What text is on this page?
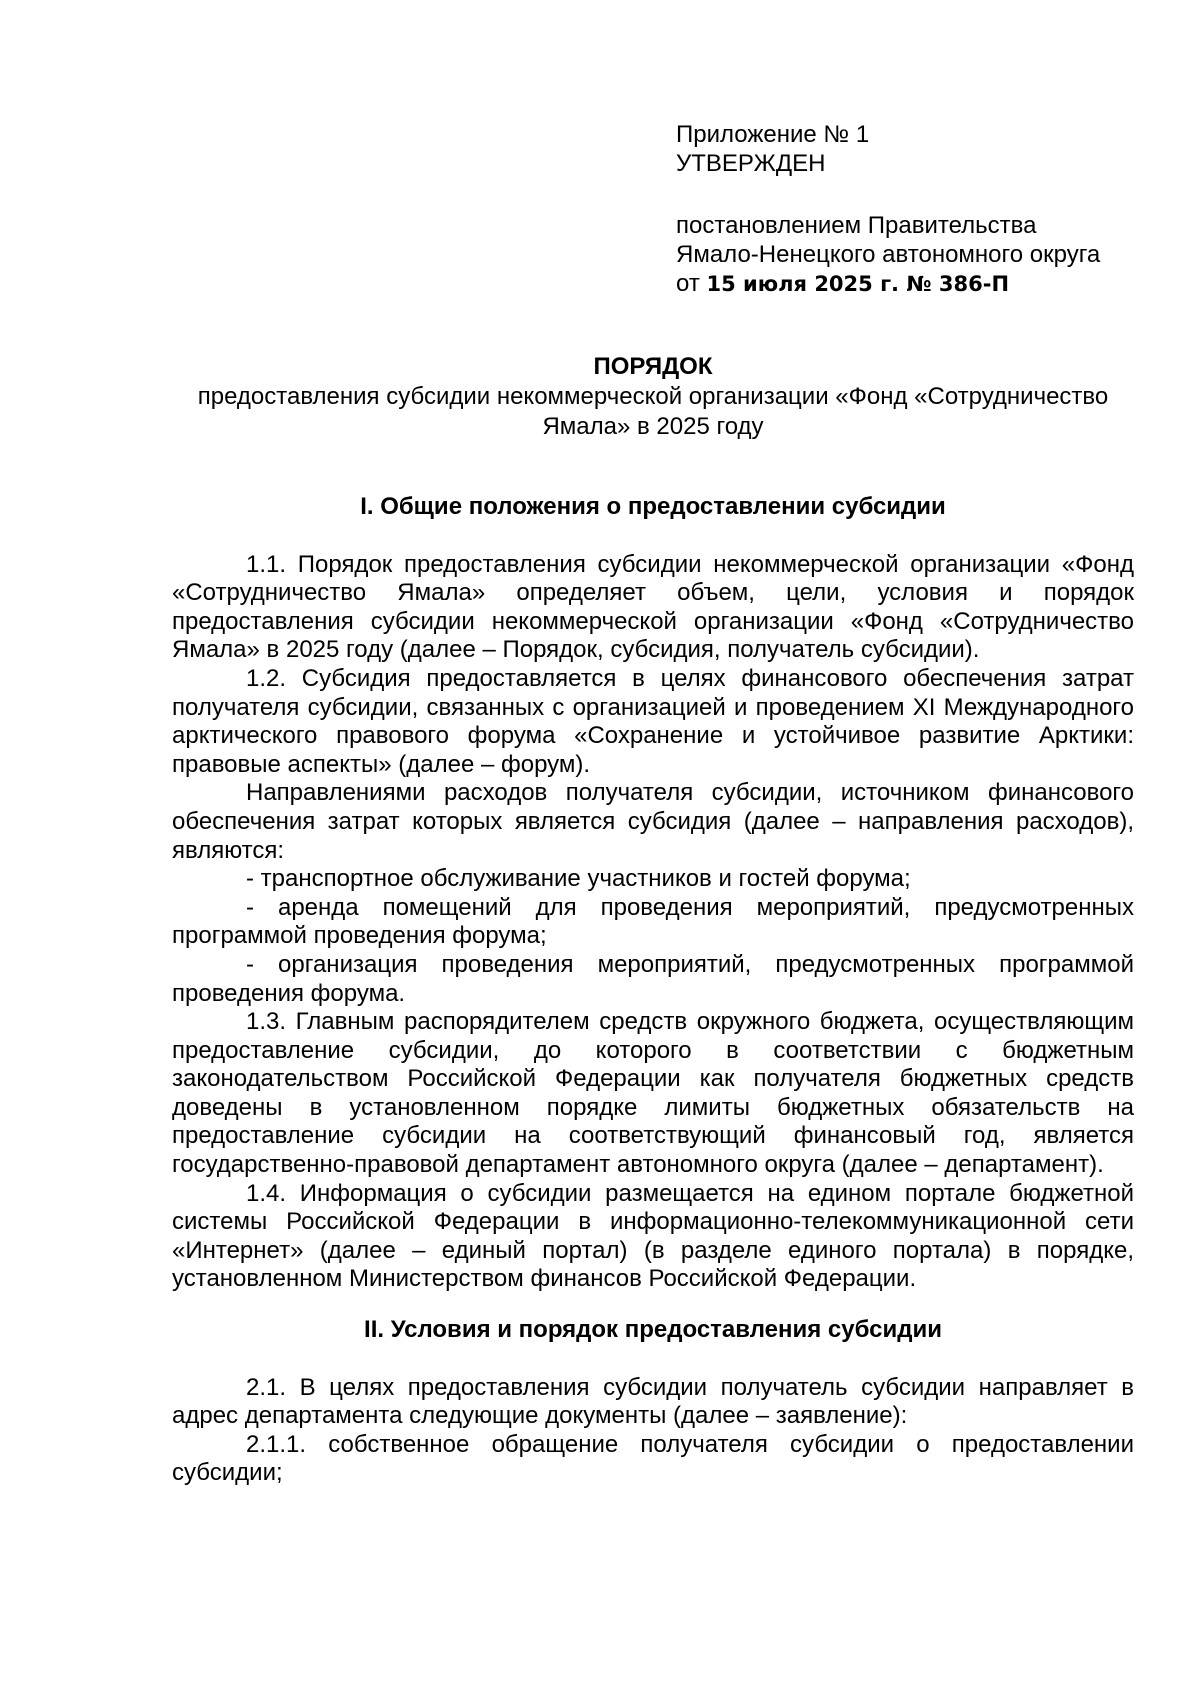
Приложение № 1
УТВЕРЖДЕН
постановлением Правительства
Ямало-Ненецкого автономного округа
от 15 июля 2025 г. № 386-П
ПОРЯДОК
предоставления субсидии некоммерческой организации «Фонд «Сотрудничество Ямала» в 2025 году

I. Общие положения о предоставлении субсидии

1.1. Порядок предоставления субсидии некоммерческой организации «Фонд «Сотрудничество Ямала» определяет объем, цели, условия и порядок предоставления субсидии некоммерческой организации «Фонд «Сотрудничество Ямала» в 2025 году (далее – Порядок, субсидия, получатель субсидии).

1.2. Субсидия предоставляется в целях финансового обеспечения затрат получателя субсидии, связанных с организацией и проведением XI Международного арктического правового форума «Сохранение и устойчивое развитие Арктики: правовые аспекты» (далее – форум).

Направлениями расходов получателя субсидии, источником финансового обеспечения затрат которых является субсидия (далее – направления расходов), являются:

- транспортное обслуживание участников и гостей форума;

- аренда помещений для проведения мероприятий, предусмотренных программой проведения форума;

- организация проведения мероприятий, предусмотренных программой проведения форума.

1.3. Главным распорядителем средств окружного бюджета, осуществляющим предоставление субсидии, до которого в соответствии с бюджетным законодательством Российской Федерации как получателя бюджетных средств доведены в установленном порядке лимиты бюджетных обязательств на предоставление субсидии на соответствующий финансовый год, является государственно-правовой департамент автономного округа (далее – департамент).

1.4. Информация о субсидии размещается на едином портале бюджетной системы Российской Федерации в информационно-телекоммуникационной сети «Интернет» (далее – единый портал) (в разделе единого портала) в порядке, установленном Министерством финансов Российской Федерации.

II. Условия и порядок предоставления субсидии

2.1. В целях предоставления субсидии получатель субсидии направляет в адрес департамента следующие документы (далее – заявление):

2.1.1. собственное обращение получателя субсидии о предоставлении субсидии;
